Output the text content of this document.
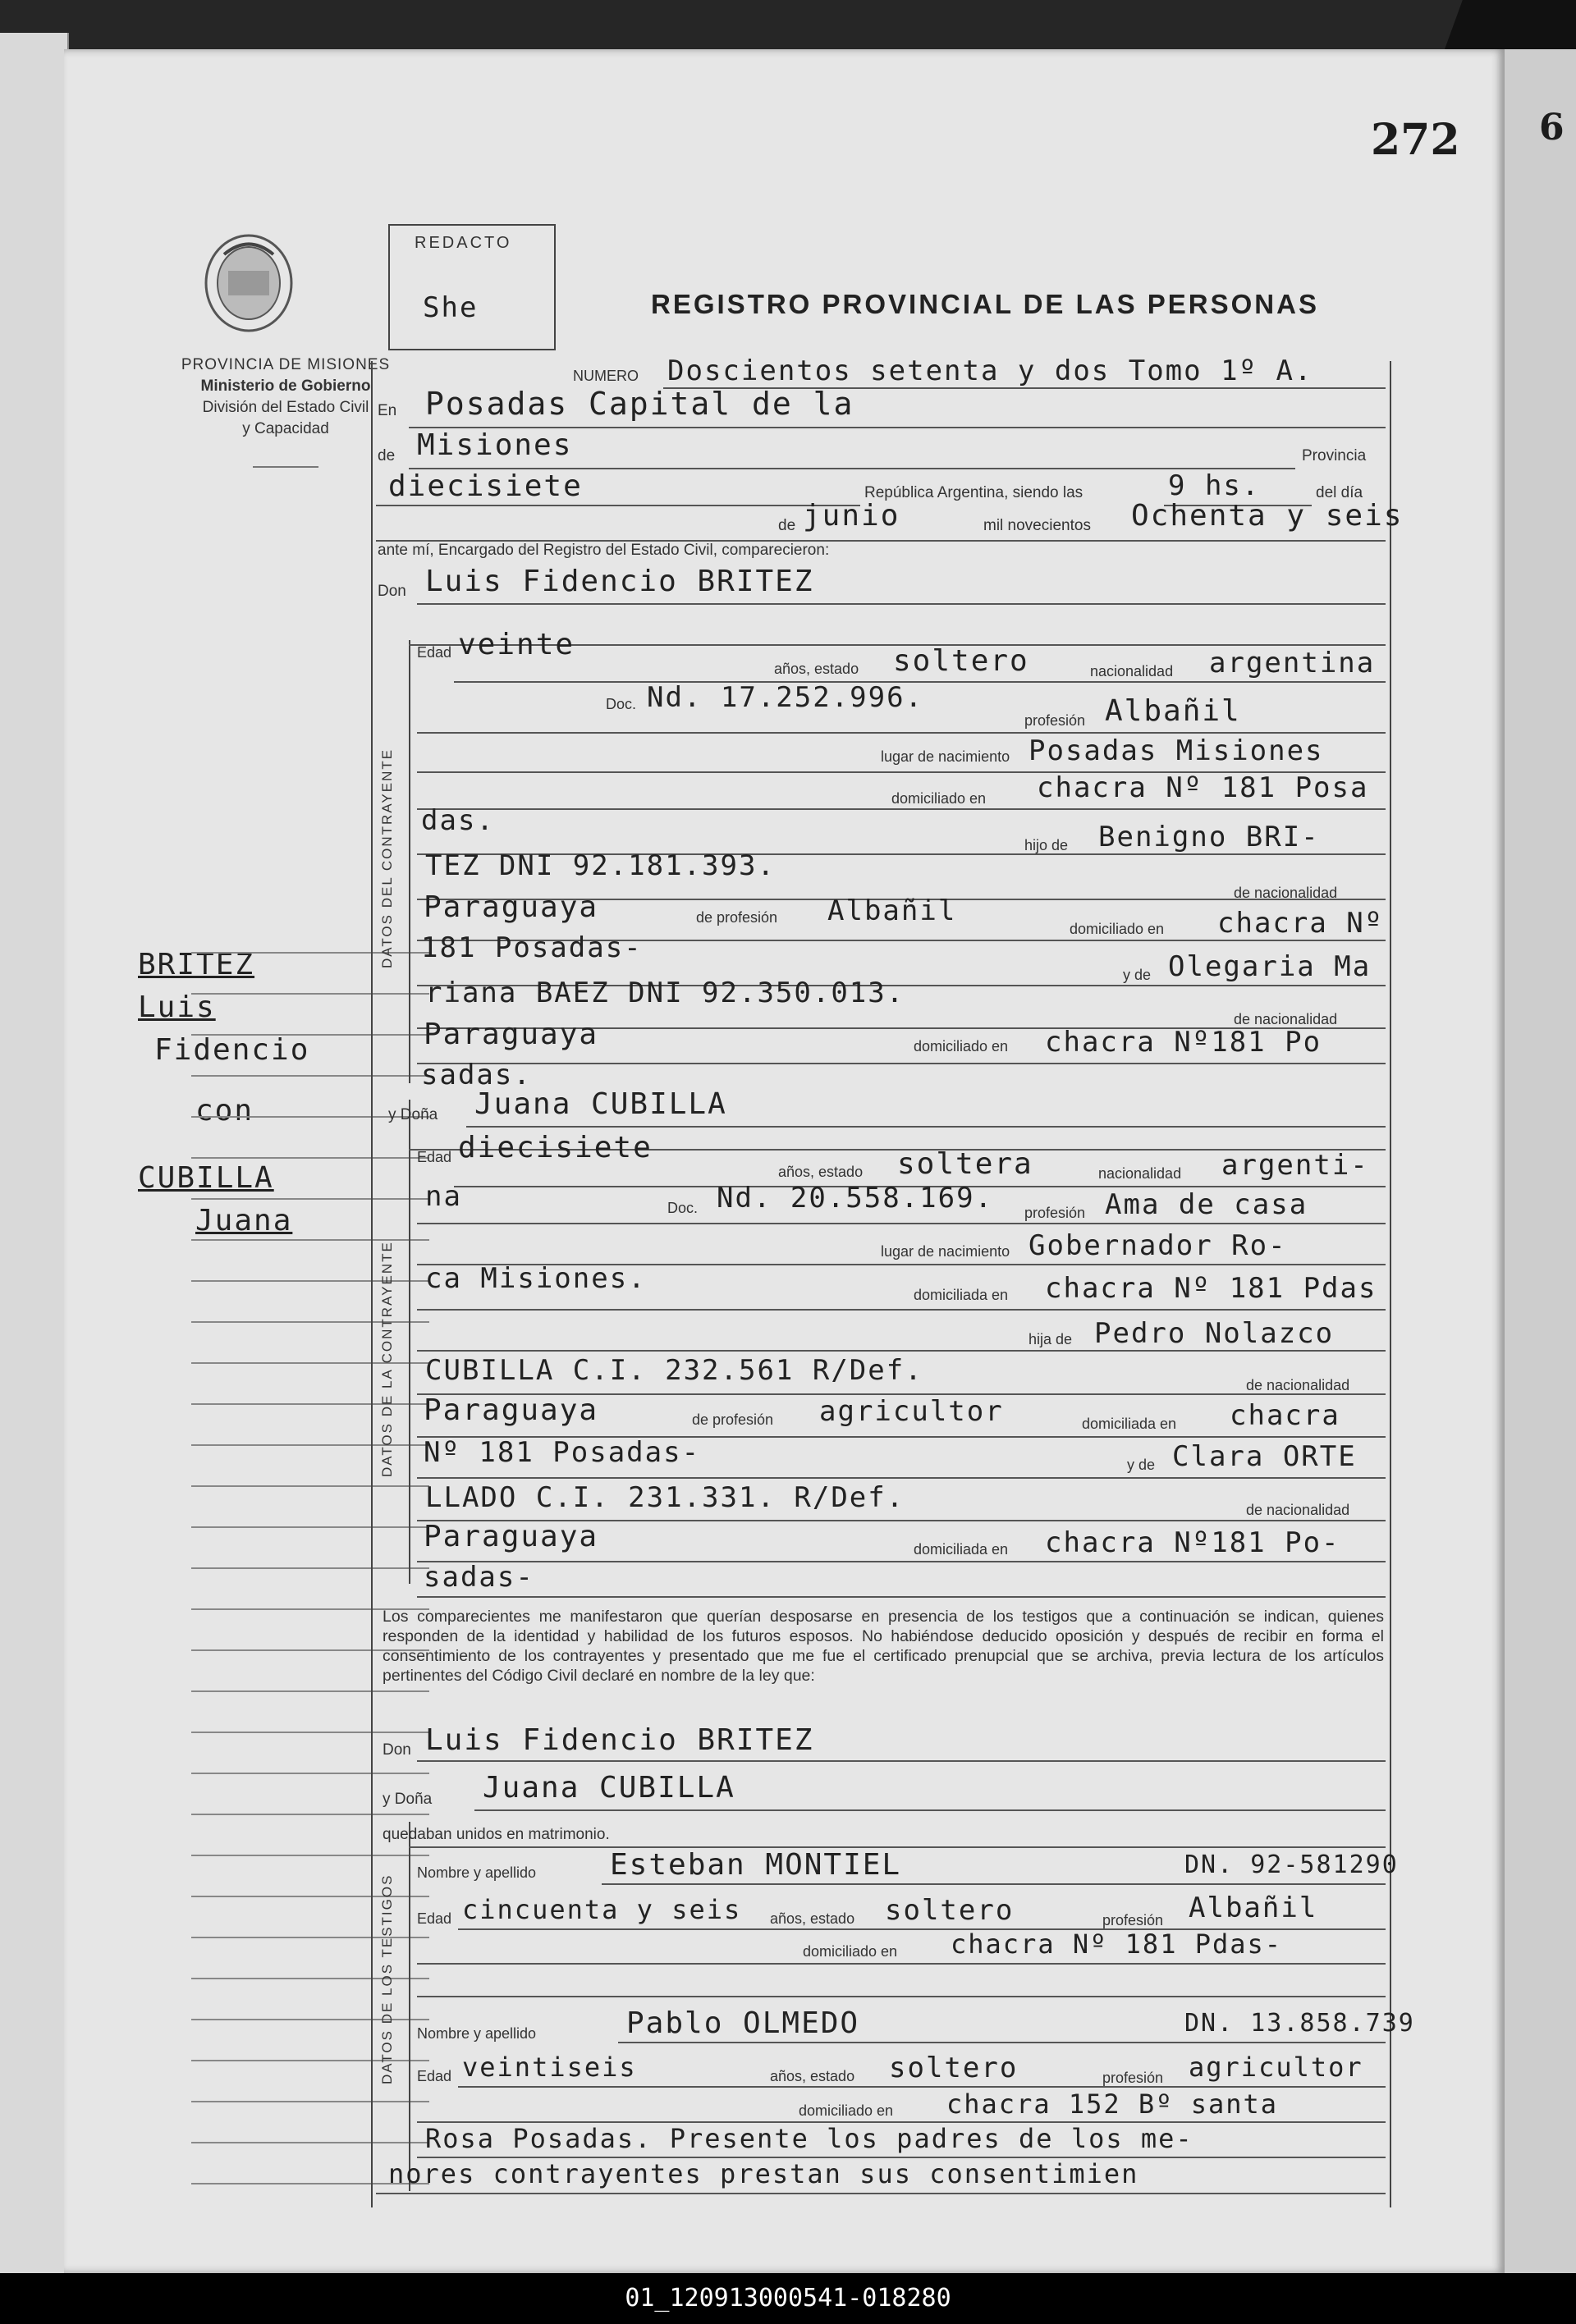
6
272
PROVINCIA DE MISIONES
Ministerio de Gobierno
División del Estado Civil
y Capacidad
REDACTO
She	REGISTRO PROVINCIAL DE LAS PERSONAS
BRITEZ
Luis
Fidencio
con
CUBILLA
Juana
DATOS DEL CONTRAYENTE
DATOS DE LA CONTRAYENTE
DATOS DE LOS TESTIGOS
NUMERO Doscientos setenta y dos Tomo 1º A.
En Posadas Capital de la
de Misiones	Provincia
diecisiete	República Argentina, siendo las	9 hs.	del día
de junio	mil novecientos Ochenta y seis
ante mí, Encargado del Registro del Estado Civil, comparecieron:
Don Luis Fidencio BRITEZ
Edad veinte
años, estado soltero	nacionalidad argentina
Doc. Nd. 17.252.996.
profesión Albañil
lugar de nacimiento Posadas Misiones
domiciliado en chacra Nº 181 Posa
das.
hijo de Benigno BRI-
TEZ DNI 92.181.393.
de nacionalidad
Paraguaya	de profesión Albañil
domiciliado en chacra Nº
181 Posadas-
y de Olegaria Ma
riana BAEZ DNI 92.350.013.
de nacionalidad
Paraguaya	domiciliado en chacra Nº181 Po
sadas.
y Doña Juana CUBILLA
Edad diecisiete
años, estado soltera	nacionalidad argenti-
na	Doc. Nd. 20.558.169. profesión Ama de casa
lugar de nacimiento Gobernador Ro-
ca Misiones.	domiciliada en chacra Nº 181 Pdas
hija de Pedro Nolazco
CUBILLA C.I. 232.561 R/Def.	de nacionalidad
Paraguaya	de profesión agricultor	domiciliada en chacra
Nº 181 Posadas-	y de Clara ORTE
LLADO C.I. 231.331. R/Def.	de nacionalidad
Paraguaya	domiciliada en chacra Nº181 Po-
sadas-
Los comparecientes me manifestaron que querían desposarse en presencia de los testigos que a continuación se indican, quienes responden de la identidad y habilidad de los futuros esposos. No habiéndose deducido oposición y después de recibir en forma el consentimiento de los contrayentes y presentado que me fue el certificado prenupcial que se archiva, previa lectura de los artículos pertinentes del Código Civil declaré en nombre de la ley que:
Don Luis Fidencio BRITEZ
y Doña Juana CUBILLA
quedaban unidos en matrimonio.
Nombre y apellido Esteban MONTIEL	DN. 92-581290
Edad cincuenta y seis años, estado soltero	profesión Albañil
domiciliado en chacra Nº 181 Pdas-
Nombre y apellido	Pablo OLMEDO	DN. 13.858.739
Edad veintiseis	años, estado soltero	profesión agricultor
domiciliado en chacra 152 Bº santa
Rosa Posadas. Presente los padres de los me-
nores contrayentes prestan sus consentimien
01_120913000541-018280
